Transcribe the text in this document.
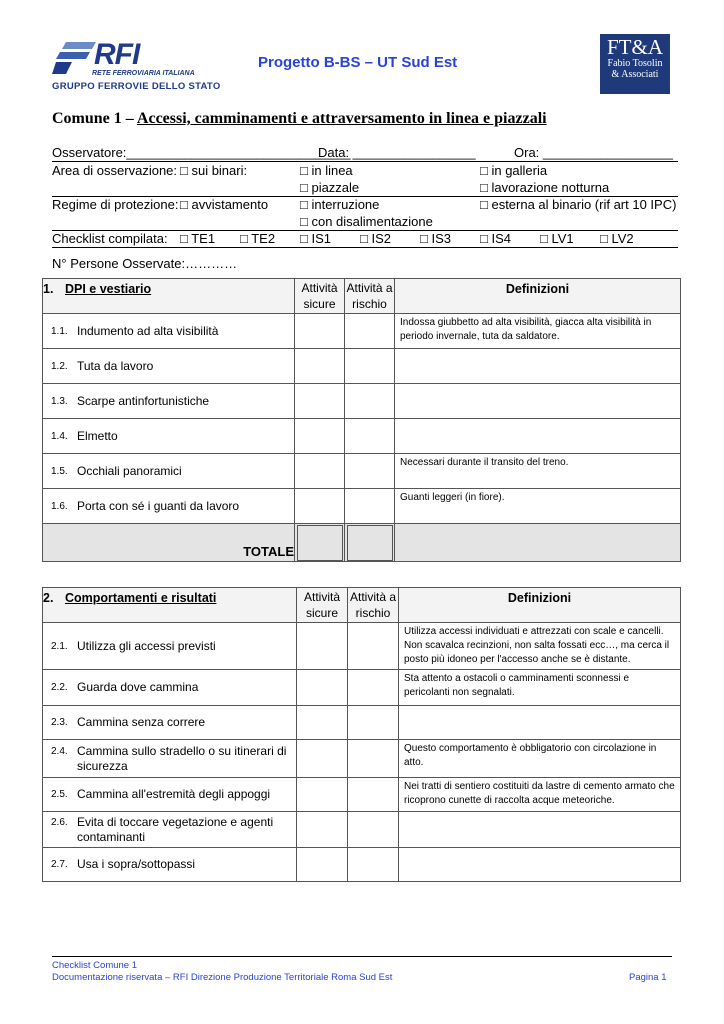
RFI
RETE FERROVIARIA ITALIANA
GRUPPO FERROVIE DELLO STATO
Progetto B-BS – UT Sud Est
FT&A
Fabio Tosolin
& Associati
Comune 1 – Accessi, camminamenti e attraversamento in linea e piazzali
Osservatore:_______________________________
Data: _________________	Ora: __________________
Area di osservazione: □ sui binari:	□ in linea
□ piazzale
□ in galleria
□ lavorazione notturna
Regime di protezione: □ avvistamento □ interruzione
□ con disalimentazione
□ esterna al binario (rif art 10 IPC)
Checklist compilata: □ TE1 □ TE2 □ IS1 □ IS2 □ IS3 □ IS4 □ LV1 □ LV2
N° Persone Osservate:…………
1. DPI e vestiario	Attività sicure	Attività a rischio	Definizioni

1.1. Indumento ad alta visibilità			Indossa giubbetto ad alta visibilità, giacca alta visibilità in periodo invernale, tuta da saldatore.

1.2. Tuta da lavoro			

1.3. Scarpe antinfortunistiche			

1.4. Elmetto			

1.5. Occhiali panoramici			Necessari durante il transito del treno.

1.6. Porta con sé i guanti da lavoro			Guanti leggeri (in fiore).
TOTALE	

2. Comportamenti e risultati	Attività sicure	Attività a rischio	Definizioni

2.1. Utilizza gli accessi previsti			Utilizza accessi individuati e attrezzati con scale e cancelli. Non scavalca recinzioni, non salta fossati ecc…, ma cerca il posto più idoneo per l'accesso anche se è distante.

2.2. Guarda dove cammina			Sta attento a ostacoli o camminamenti sconnessi e pericolanti non segnalati.

2.3. Cammina senza correre			

2.4. Cammina sullo stradello o su itinerari di sicurezza			Questo comportamento è obbligatorio con circolazione in atto.

2.5. Cammina all'estremità degli appoggi			Nei tratti di sentiero costituiti da lastre di cemento armato che ricoprono cunette di raccolta acque meteoriche.

2.6. Evita di toccare vegetazione e agenti contaminanti			

2.7. Usa i sopra/sottopassi			

Checklist Comune 1
Documentazione riservata – RFI Direzione Produzione Territoriale Roma Sud Est	Pagina 1
